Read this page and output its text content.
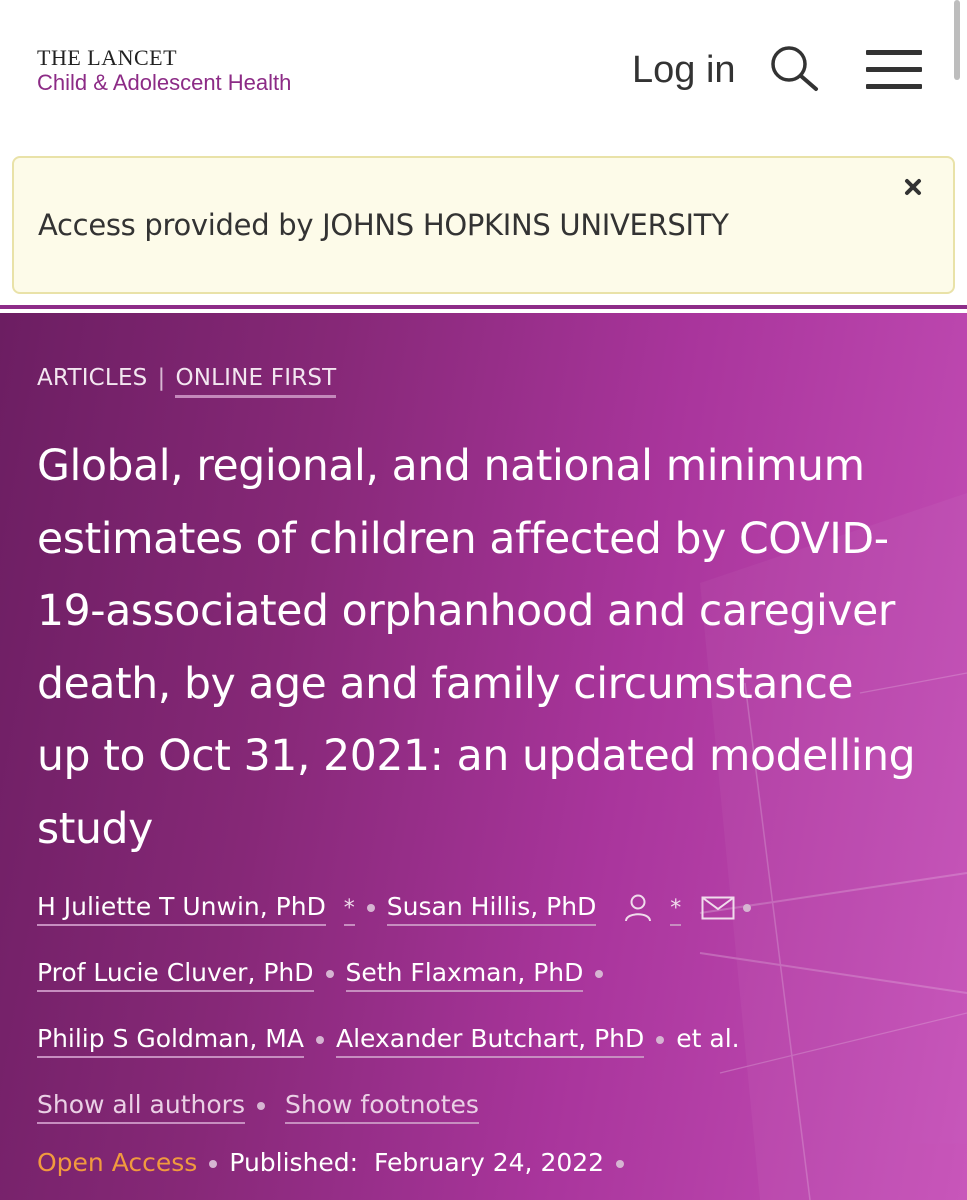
THE LANCET
Child & Adolescent Health	Log in
Access provided by JOHNS HOPKINS UNIVERSITY
ARTICLES | ONLINE FIRST
Global, regional, and national minimum estimates of children affected by COVID-19-associated orphanhood and caregiver death, by age and family circumstance up to Oct 31, 2021: an updated modelling study
H Juliette T Unwin, PhD * Susan Hillis, PhD	*
Prof Lucie Cluver, PhD Seth Flaxman, PhD
Philip S Goldman, MA Alexander Butchart, PhD et al.
Show all authors Show footnotes
Open Access Published: February 24, 2022
